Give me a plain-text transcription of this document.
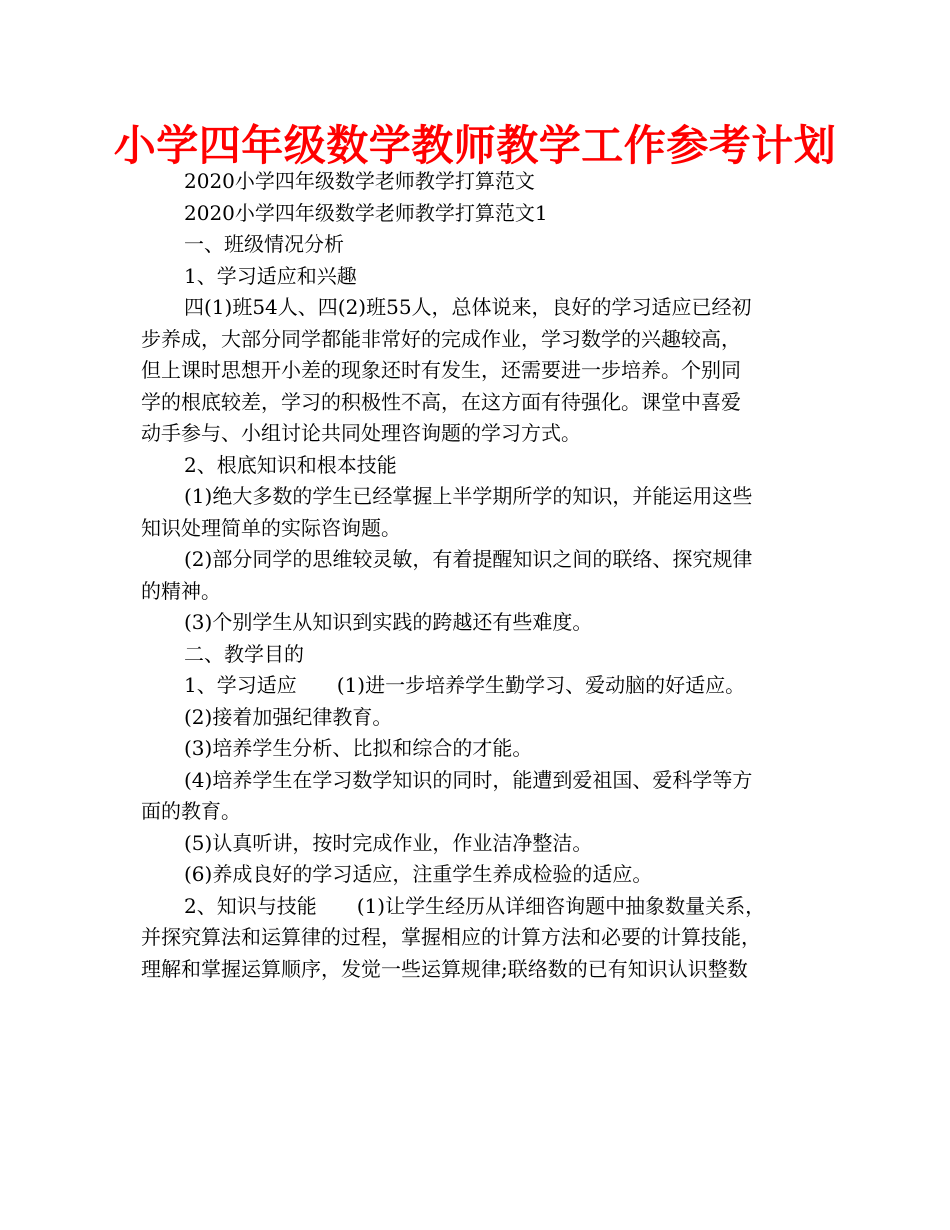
小学四年级数学教师教学工作参考计划
2020小学四年级数学老师教学打算范文
2020小学四年级数学老师教学打算范文1
一、班级情况分析
1、学习适应和兴趣
四(1)班54人、四(2)班55人，总体说来，良好的学习适应已经初
步养成，大部分同学都能非常好的完成作业，学习数学的兴趣较高，
但上课时思想开小差的现象还时有发生，还需要进一步培养。个别同
学的根底较差，学习的积极性不高，在这方面有待强化。课堂中喜爱
动手参与、小组讨论共同处理咨询题的学习方式。
2、根底知识和根本技能
(1)绝大多数的学生已经掌握上半学期所学的知识，并能运用这些
知识处理简单的实际咨询题。
(2)部分同学的思维较灵敏，有着提醒知识之间的联络、探究规律
的精神。
(3)个别学生从知识到实践的跨越还有些难度。
二、教学目的
1、学习适应 (1)进一步培养学生勤学习、爱动脑的好适应。
(2)接着加强纪律教育。
(3)培养学生分析、比拟和综合的才能。
(4)培养学生在学习数学知识的同时，能遭到爱祖国、爱科学等方
面的教育。
(5)认真听讲，按时完成作业，作业洁净整洁。
(6)养成良好的学习适应，注重学生养成检验的适应。
2、知识与技能 (1)让学生经历从详细咨询题中抽象数量关系，
并探究算法和运算律的过程，掌握相应的计算方法和必要的计算技能，
理解和掌握运算顺序，发觉一些运算规律;联络数的已有知识认识整数
